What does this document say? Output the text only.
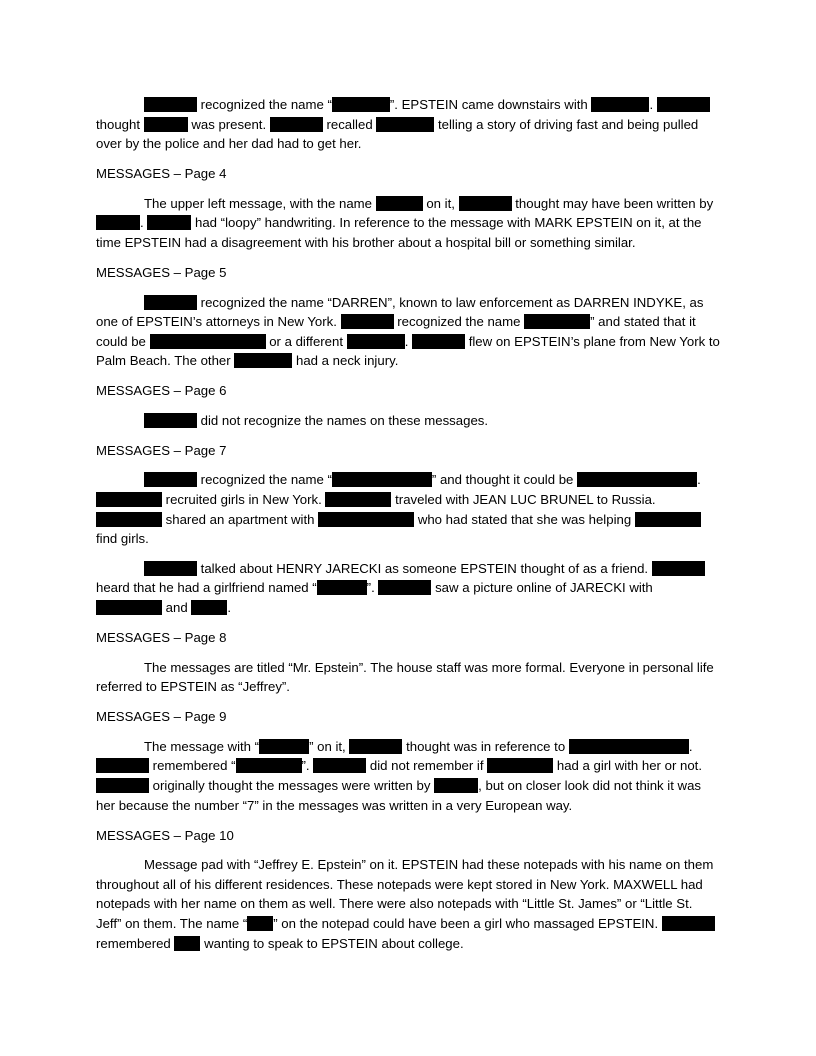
recognized the name “	”. EPSTEIN came downstairs with	.  thought	was present.	recalled	telling a story of driving fast and being pulled over by the police and her dad had to get her.

MESSAGES – Page 4

The upper left message, with the name	on it,	thought may have been written by .	had “loopy” handwriting. In reference to the message with MARK EPSTEIN on it, at the time EPSTEIN had a disagreement with his brother about a hospital bill or something similar.

MESSAGES – Page 5

recognized the name “DARREN”, known to law enforcement as DARREN INDYKE, as one of EPSTEIN’s attorneys in New York.	recognized the name	” and stated that it could be	or a different	.	flew on EPSTEIN’s plane from New York to Palm Beach. The other	had a neck injury.

MESSAGES – Page 6

did not recognize the names on these messages.

MESSAGES – Page 7

recognized the name “	” and thought it could be	.  recruited girls in New York.	traveled with JEAN LUC BRUNEL to Russia.  shared an apartment with	who had stated that she was helping  find girls.

talked about HENRY JARECKI as someone EPSTEIN thought of as a friend.  heard that he had a girlfriend named “	”.	saw a picture online of JARECKI with  and	.

MESSAGES – Page 8

The messages are titled “Mr. Epstein”. The house staff was more formal. Everyone in personal life referred to EPSTEIN as “Jeffrey”.

MESSAGES – Page 9

The message with “	” on it,	thought was in reference to	.  remembered “	”.	did not remember if	had a girl with her or not.  originally thought the messages were written by	, but on closer look did not think it was her because the number “7” in the messages was written in a very European way.

MESSAGES – Page 10

Message pad with “Jeffrey E. Epstein” on it. EPSTEIN had these notepads with his name on them throughout all of his different residences. These notepads were kept stored in New York. MAXWELL had notepads with her name on them as well. There were also notepads with “Little St. James” or “Little St. Jeff” on them. The name “ ” on the notepad could have been a girl who massaged EPSTEIN.  remembered	wanting to speak to EPSTEIN about college.
